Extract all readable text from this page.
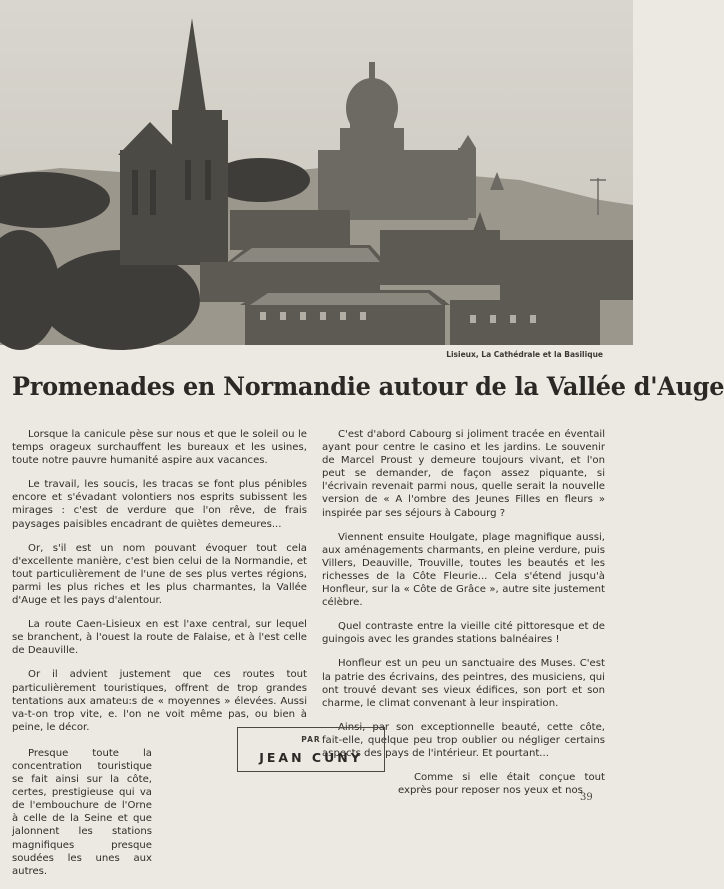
Lisieux, La Cathédrale et la Basilique
Promenades en Normandie autour de la Vallée d'Auge

Lorsque la canicule pèse sur nous et que le soleil ou le temps orageux surchauffent les bureaux et les usines, toute notre pauvre humanité aspire aux vacances.

Le travail, les soucis, les tracas se font plus pénibles encore et s'évadant volontiers nos esprits subissent les mirages : c'est de verdure que l'on rêve, de frais paysages paisibles encadrant de quiètes demeures...

Or, s'il est un nom pouvant évoquer tout cela d'excellente manière, c'est bien celui de la Normandie, et tout particulièrement de l'une de ses plus vertes régions, parmi les plus riches et les plus charmantes, la Vallée d'Auge et les pays d'alentour.

La route Caen-Lisieux en est l'axe central, sur lequel se branchent, à l'ouest la route de Falaise, et à l'est celle de Deauville.

Or il advient justement que ces routes tout particulièrement touristiques, offrent de trop grandes tentations aux amateu:s de « moyennes » élevées. Aussi va-t-on trop vite, e. l'on ne voit même pas, ou bien à peine, le décor.

Presque toute la concentration touristique se fait ainsi sur la côte, certes, prestigieuse qui va de l'embouchure de l'Orne à celle de la Seine et que jalonnent les stations magnifiques presque soudées les unes aux autres.

C'est d'abord Cabourg si joliment tracée en éventail ayant pour centre le casino et les jardins. Le souvenir de Marcel Proust y demeure toujours vivant, et l'on peut se demander, de façon assez piquante, si l'écrivain revenait parmi nous, quelle serait la nouvelle version de « A l'ombre des Jeunes Filles en fleurs » inspirée par ses séjours à Cabourg ?

Viennent ensuite Houlgate, plage magnifique aussi, aux aménagements charmants, en pleine verdure, puis Villers, Deauville, Trouville, toutes les beautés et les richesses de la Côte Fleurie... Cela s'étend jusqu'à Honfleur, sur la « Côte de Grâce », autre site justement célèbre.

Quel contraste entre la vieille cité pittoresque et de guingois avec les grandes stations balnéaires !

Honfleur est un peu un sanctuaire des Muses. C'est la patrie des écrivains, des peintres, des musiciens, qui ont trouvé devant ses vieux édifices, son port et son charme, le climat convenant à leur inspiration.

Ainsi, par son exceptionnelle beauté, cette côte, fait-elle, quelque peu trop oublier ou négliger certains aspects des pays de l'intérieur. Et pourtant...

Comme si elle était conçue tout exprès pour reposer nos yeux et nos

PAR
JEAN CUNY
39
